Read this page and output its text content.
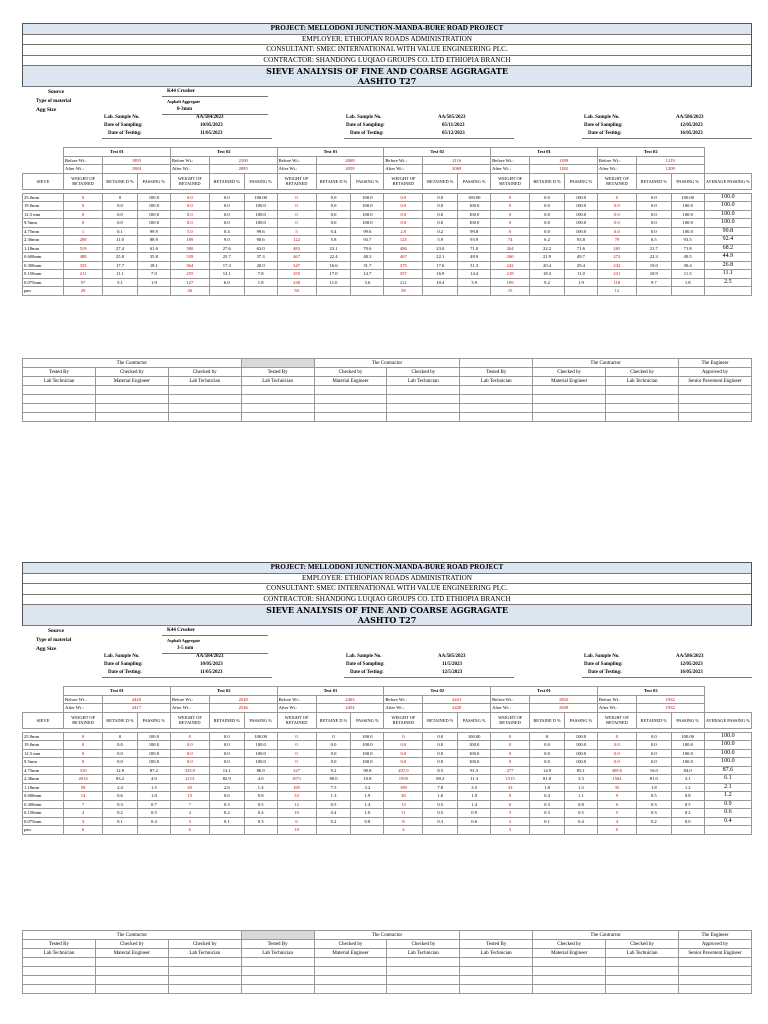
PROJECT: MELLODONI JUNCTION-MANDA-BURE ROAD PROJECT
EMPLOYER: ETHIOPIAN ROADS ADMINISTRATION
CONSULTANT: SMEC INTERNATIONAL WITH VALUE ENGINEERING PLC.
CONTRACTOR: SHANDONG LUQIAO GROUPS CO. LTD ETHIOPIA BRANCH
SIEVE ANALYSIS OF FINE AND COARSE AGGRAGATE
AASHTO T27
Source	K44 Crusher
Type of material	Asphalt Aggregate
Agg Size	0-3mm
Lab. Sample No.	AA/584/2023
Date of Sampling:	10/05/2023
Date of Testing:	11/05/2023
Lab. Sample No.	AA/585/2023
Date of Sampling:	05/11/2023
Date of Testing:	05/12/2023
Lab. Sample No.	AA/586/2023
Date of Sampling:	12/05/2023
Date of Testing:	16/05/2023
	Test 01			Test 02			Test 01			Test 02			Test 01			Test 02			
	Before Wt.:	1893		Before Wt.:	2100		Before Wt.:	2069		Before Wt.:	2116		Before Wt.:	1189		Before Wt.:	1219		
	After Wt.:	1884		After Wt.:	2085		After Wt.:	2059		After Wt.:	2069		After Wt.:	1182		After Wt.:	1209		
SIEVE	WEIGHT OF RETAINED	RETAINE D %	PASSING %	WEIGHT OF RETAINED	RETAINED %	PASSING %	WEIGHT OF RETAINED	RETAINE D %	PASSING %	WEIGHT OF RETAINED	RETAINED %	PASSING %	WEIGHT OF RETAINED	RETAINE D %	PASSING %	WEIGHT OF RETAINED	RETAINED %	PASSING %	AVERAGE PASSING %

25.0mm	0	0	100.0	0.0	0.0	100.00	0	0.0	100.0	0.0	0.0	100.00	0	0.0	100.0	0	0.0	100.00	100.0
19.0mm	0	0.0	100.0	0.0	0.0	100.0	0	0.0	100.0	0.0	0.0	100.0	0	0.0	100.0	0.0	0.0	100.0	100.0
12.5 mm	0	0.0	100.0	0.0	0.0	100.0	0	0.0	100.0	0.0	0.0	100.0	0	0.0	100.0	0.0	0.0	100.0	100.0
9.5mm	0	0.0	100.0	0.0	0.0	100.0	0	0.0	100.0	0.0	0.0	100.0	0	0.0	100.0	0.0	0.0	100.0	100.0
4.75mm	1	0.1	99.9	5.0	0.4	99.6	5	0.4	99.6	2.0	0.2	99.8	0	0.0	100.0	0.0	0.0	100.0	99.8
2.36mm	208	11.0	88.9	189	9.0	90.6	122	5.8	93.7	125	5.9	93.9	74	6.2	93.8	79	6.5	93.5	92.4
1.18mm	519	27.4	61.6	580	27.6	63.0	483	23.1	70.6	486	23.0	71.0	264	22.2	71.6	265	21.7	71.8	68.2
0.600mm	488	25.8	35.8	539	25.7	37.3	467	22.4	48.3	467	22.1	48.9	260	21.9	49.7	272	22.3	49.5	44.9
0.300mm	335	17.7	18.1	364	17.3	20.0	347	16.6	31.7	375	17.6	31.3	242	20.4	29.4	232	19.0	30.4	26.8
0.150mm	211	11.1	7.0	255	12.1	7.8	355	17.0	14.7	357	16.9	14.4	218	18.3	11.0	231	18.9	11.5	11.1
0.075mm	97	5.1	1.9	127	6.0	1.8	230	11.0	3.6	221	10.4	3.9	109	9.2	1.9	118	9.7	1.8	2.5
pan	29			26			50			58			15			12			
The Contractor				The Contractor			The Contractor		The Engineer
Tested By	Checked by	Checked by	Tested By	Checked by	Checked by	Tested By	Checked by	Checked by	Approved by
Lab Technician	Material Engineer	Lab Technician	Lab Technician	Material Engineer	Lab Technician	Lab Technician	Material Engineer	Lab Technician	Senior Pavement Engineer

PROJECT: MELLODONI JUNCTION-MANDA-BURE ROAD PROJECT
EMPLOYER: ETHIOPIAN ROADS ADMINISTRATION
CONSULTANT: SMEC INTERNATIONAL WITH VALUE ENGINEERING PLC.
CONTRACTOR: SHANDONG LUQIAO GROUPS CO. LTD ETHIOPIA BRANCH
SIEVE ANALYSIS OF FINE AND COARSE AGGRAGATE
AASHTO T27
Source	K44 Crusher
Type of material	Asphalt Aggregate
Agg Size	3-5 mm
Lab. Sample No.	AA/584/2023
Date of Sampling:	10/05/2023
Date of Testing:	11/05/2023
Lab. Sample No.	AA/585/2023
Date of Sampling:	11/5/2023
Date of Testing:	12/5/2023
Lab. Sample No.	AA/586/2023
Date of Sampling:	12/05/2023
Date of Testing:	16/05/2023
	Test 01			Test 02			Test 01			Test 02			Test 01			Test 02			
	Before Wt.:	2420		Before Wt.:	2549		Before Wt.:	2463		Before Wt.:	2431		Before Wt.:	1852		Before Wt.:	1932		
	After Wt.:	2417		After Wt.:	2546		After Wt.:	2454		After Wt.:	2420		After Wt.:	1849		After Wt.:	1932		
SIEVE	WEIGHT OF RETAINED	RETAINE D %	PASSING %	WEIGHT OF RETAINED	RETAINED %	PASSING %	WEIGHT OF RETAINED	RETAINE D %	PASSING %	WEIGHT OF RETAINED	RETAINED %	PASSING %	WEIGHT OF RETAINED	RETAINE D %	PASSING %	WEIGHT OF RETAINED	RETAINED %	PASSING %	AVERAGE PASSING %

25.0mm	0	0	100.0	0	0.0	100.00	0	0	100.0	0	0.0	100.00	0	0	100.0	0	0.0	100.00	100.0
19.0mm	0	0.0	100.0	0.0	0.0	100.0	0	0.0	100.0	0.0	0.0	100.0	0	0.0	100.0	0.0	0.0	100.0	100.0
12.5 mm	0	0.0	100.0	0.0	0.0	100.0	0	0.0	100.0	0.0	0.0	100.0	0	0.0	100.0	0.0	0.0	100.0	100.0
9.5mm	0	0.0	100.0	0.0	0.0	100.0	0	0.0	100.0	0.0	0.0	100.0	0	0.0	100.0	0.0	0.0	100.0	100.0
4.75mm	310	12.8	87.2	335.0	13.1	86.9	227	9.2	90.8	207.0	8.5	91.5	277	14.9	85.1	309.0	16.0	84.0	87.6
2.36mm	2014	83.2	4.0	2113	82.9	4.0	1971	80.0	10.8	1950	80.2	11.3	1515	81.8	3.3	1564	81.0	3.1	6.1
1.18mm	59	2.4	1.5	65	2.6	1.4	185	7.5	3.2	189	7.8	3.5	33	1.8	1.5	35	1.8	1.2	2.1
0.600mm	14	0.6	1.0	15	0.6	0.8	33	1.3	1.9	38	1.6	1.9	8	0.4	1.1	9	0.5	0.8	1.2
0.300mm	7	0.3	0.7	7	0.3	0.5	12	0.5	1.4	13	0.5	1.4	6	0.3	0.8	6	0.3	0.5	0.9
0.150mm	4	0.2	0.5	4	0.2	0.4	10	0.4	1.0	11	0.5	0.9	5	0.3	0.5	5	0.3	0.2	0.6
0.075mm	3	0.1	0.4	3	0.1	0.3	6	0.2	0.8	8	0.3	0.6	2	0.1	0.4	4	0.2	0.0	0.4
pan	6			6			10			4			3			0			
The Contractor				The Contractor			The Contractor		The Engineer
Tested By	Checked by	Checked by	Tested By	Checked by	Checked by	Tested By	Checked by	Checked by	Approved by
Lab Technician	Material Engineer	Lab Technician	Lab Technician	Material Engineer	Lab Technician	Lab Technician	Material Engineer	Lab Technician	Senior Pavement Engineer
